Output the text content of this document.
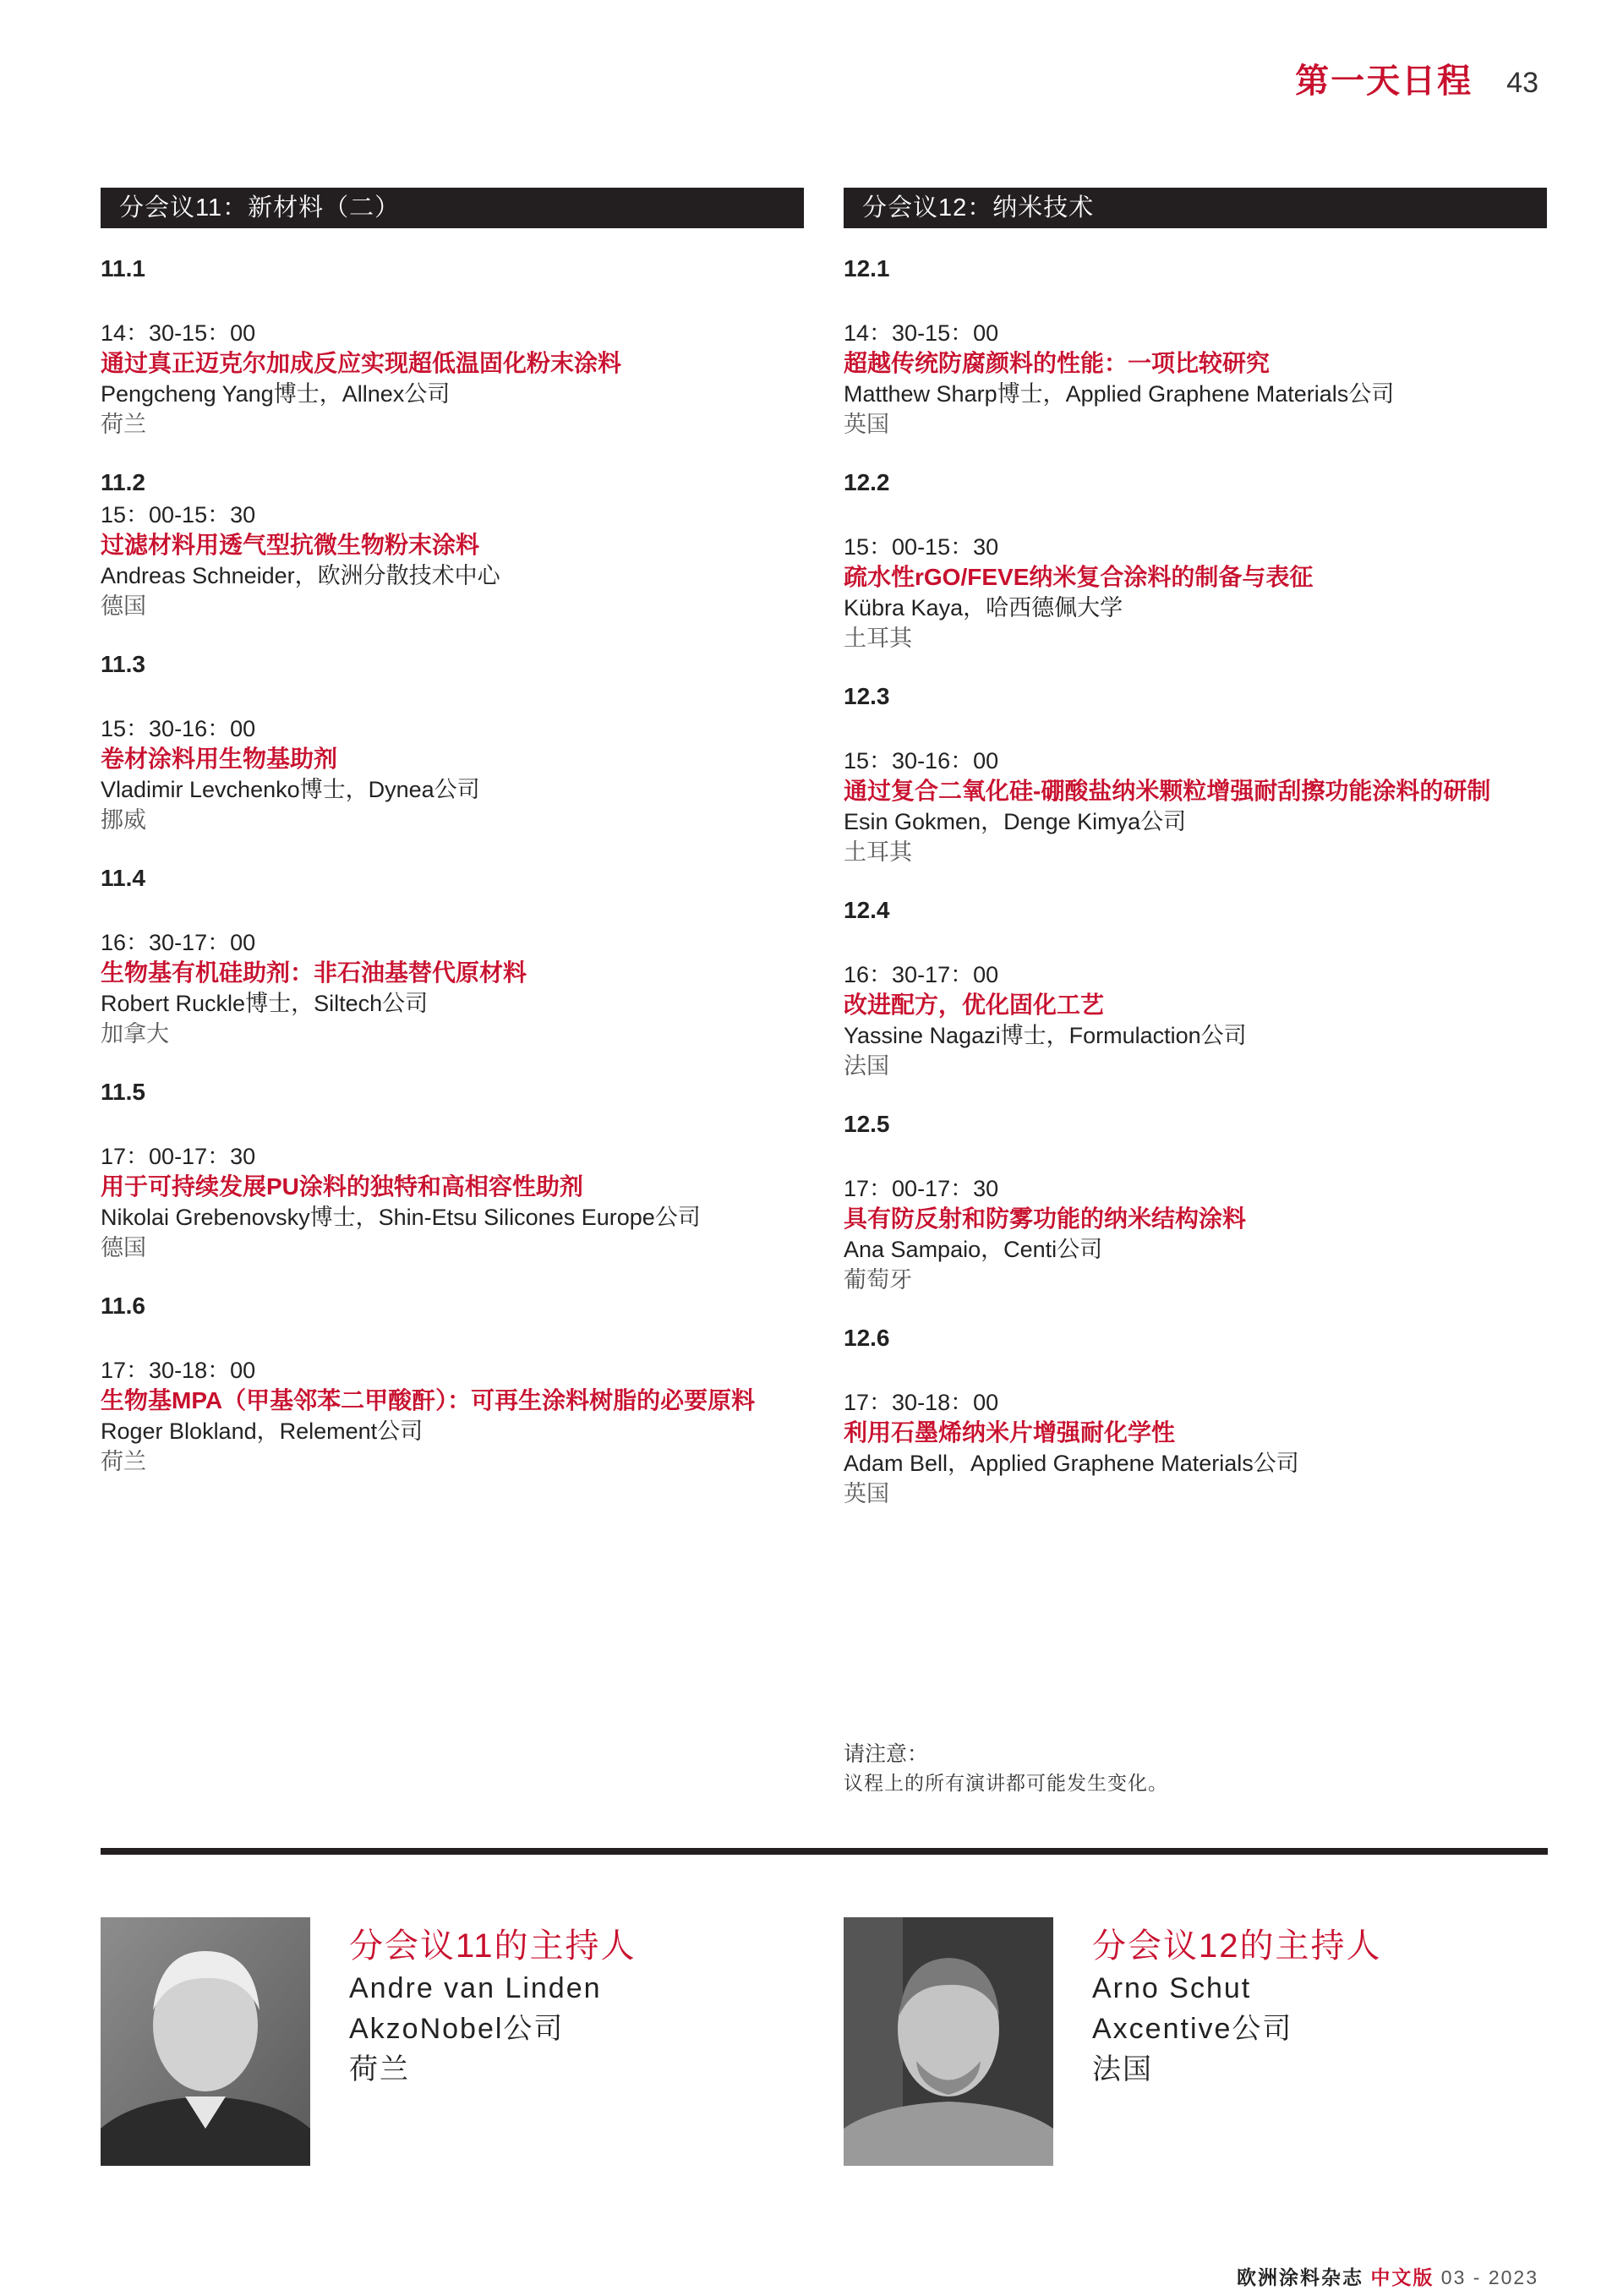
第一天日程 43
分会议11：新材料（二）
11.1
14：30-15：00
通过真正迈克尔加成反应实现超低温固化粉末涂料
Pengcheng Yang博士，Allnex公司
荷兰
11.2
15：00-15：30
过滤材料用透气型抗微生物粉末涂料
Andreas Schneider，欧洲分散技术中心
德国
11.3
15：30-16：00
卷材涂料用生物基助剂
Vladimir Levchenko博士，Dynea公司
挪威
11.4
16：30-17：00
生物基有机硅助剂：非石油基替代原材料
Robert Ruckle博士，Siltech公司
加拿大
11.5
17：00-17：30
用于可持续发展PU涂料的独特和高相容性助剂
Nikolai Grebenovsky博士，Shin-Etsu Silicones Europe公司
德国
11.6
17：30-18：00
生物基MPA（甲基邻苯二甲酸酐）：可再生涂料树脂的必要原料
Roger Blokland，Relement公司
荷兰
分会议12：纳米技术
12.1
14：30-15：00
超越传统防腐颜料的性能：一项比较研究
Matthew Sharp博士，Applied Graphene Materials公司
英国
12.2
15：00-15：30
疏水性rGO/FEVE纳米复合涂料的制备与表征
Kübra Kaya，哈西德佩大学
土耳其
12.3
15：30-16：00
通过复合二氧化硅-硼酸盐纳米颗粒增强耐刮擦功能涂料的研制
Esin Gokmen，Denge Kimya公司
土耳其
12.4
16：30-17：00
改进配方，优化固化工艺
Yassine Nagazi博士，Formulaction公司
法国
12.5
17：00-17：30
具有防反射和防雾功能的纳米结构涂料
Ana Sampaio，Centi公司
葡萄牙
12.6
17：30-18：00
利用石墨烯纳米片增强耐化学性
Adam Bell，Applied Graphene Materials公司
英国
请注意：
议程上的所有演讲都可能发生变化。
分会议11的主持人
Andre van Linden
AkzoNobel公司
荷兰
分会议12的主持人
Arno Schut
Axcentive公司
法国
欧洲涂料杂志 中文版 03 - 2023
